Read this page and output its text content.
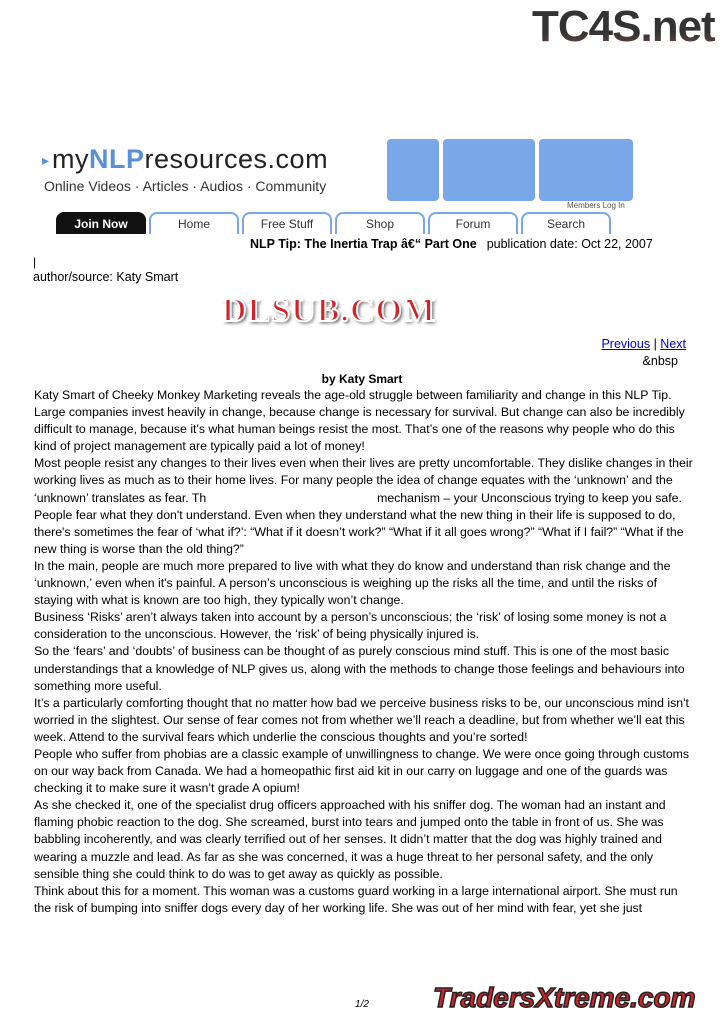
TC4S.net
▸myNLPresources.com
Online Videos · Articles · Audios · Community
Members Log In
Join Now	Home	Free Stuff	Shop	Forum	Search
NLP Tip: The Inertia Trap â€“ Part One publication date: Oct 22, 2007
|
author/source: Katy Smart
DLSUB.COM
Previous | Next
&nbsp
by Katy Smart

Katy Smart of Cheeky Monkey Marketing reveals the age-old struggle between familiarity and change in this NLP Tip.

Large companies invest heavily in change, because change is necessary for survival. But change can also be incredibly difficult to manage, because it's what human beings resist the most. That’s one of the reasons why people who do this kind of project management are typically paid a lot of money!

Most people resist any changes to their lives even when their lives are pretty uncomfortable. They dislike changes in their working lives as much as to their home lives. For many people the idea of change equates with the ‘unknown’ and the ‘unknown’ translates as fear. Th                                                  mechanism – your Unconscious trying to keep you safe.

People fear what they don't understand. Even when they understand what the new thing in their life is supposed to do, there's sometimes the fear of ‘what if?’: “What if it doesn’t work?” “What if it all goes wrong?” “What if I fail?” “What if the new thing is worse than the old thing?”

In the main, people are much more prepared to live with what they do know and understand than risk change and the ‘unknown,’ even when it's painful. A person’s unconscious is weighing up the risks all the time, and until the risks of staying with what is known are too high, they typically won’t change.

Business ‘Risks’ aren’t always taken into account by a person’s unconscious; the ‘risk’ of losing some money is not a consideration to the unconscious. However, the ‘risk’ of being physically injured is.

So the ‘fears’ and ‘doubts’ of business can be thought of as purely conscious mind stuff. This is one of the most basic understandings that a knowledge of NLP gives us, along with the methods to change those feelings and behaviours into something more useful.

It’s a particularly comforting thought that no matter how bad we perceive business risks to be, our unconscious mind isn't worried in the slightest. Our sense of fear comes not from whether we’ll reach a deadline, but from whether we’ll eat this week. Attend to the survival fears which underlie the conscious thoughts and you’re sorted!

People who suffer from phobias are a classic example of unwillingness to change. We were once going through customs on our way back from Canada. We had a homeopathic first aid kit in our carry on luggage and one of the guards was checking it to make sure it wasn’t grade A opium!

As she checked it, one of the specialist drug officers approached with his sniffer dog. The woman had an instant and flaming phobic reaction to the dog. She screamed, burst into tears and jumped onto the table in front of us. She was babbling incoherently, and was clearly terrified out of her senses. It didn’t matter that the dog was highly trained and wearing a muzzle and lead. As far as she was concerned, it was a huge threat to her personal safety, and the only sensible thing she could think to do was to get away as quickly as possible.

Think about this for a moment. This woman was a customs guard working in a large international airport. She must run the risk of bumping into sniffer dogs every day of her working life. She was out of her mind with fear, yet she just

1/2	TradersXtreme.com
